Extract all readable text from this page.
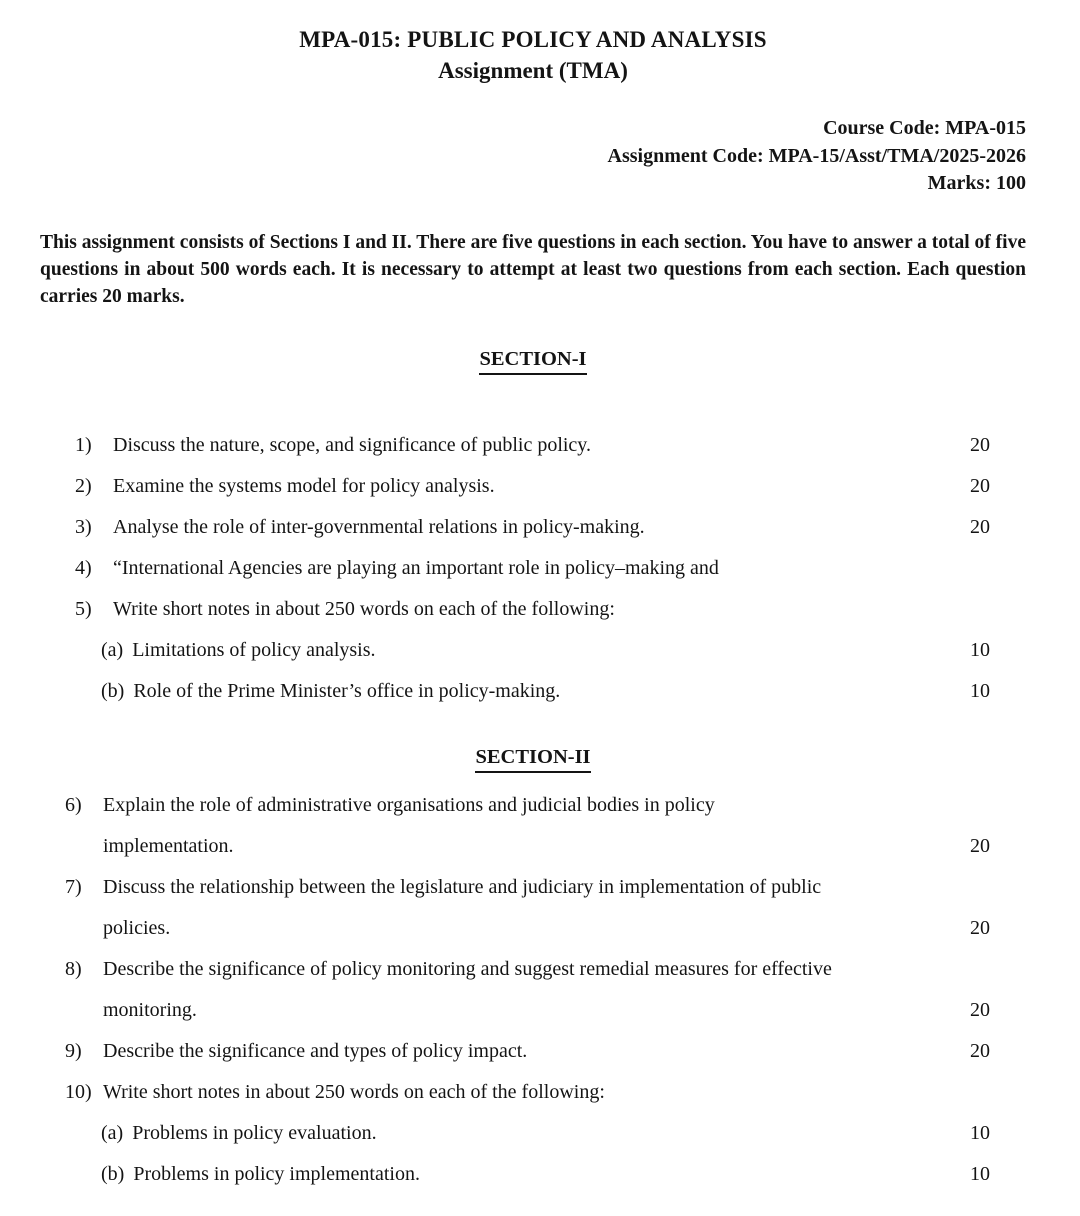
MPA-015: PUBLIC POLICY AND ANALYSIS
Assignment (TMA)
Course Code: MPA-015
Assignment Code: MPA-15/Asst/TMA/2025-2026
Marks: 100

This assignment consists of Sections I and II. There are five questions in each section. You have to answer a total of five questions in about 500 words each. It is necessary to attempt at least two questions from each section. Each question carries 20 marks.

SECTION-I
1)	Discuss the nature, scope, and significance of public policy.	20
2)	Examine the systems model for policy analysis.	20
3)	Analyse the role of inter-governmental relations in policy-making.	20
4)	“International Agencies are playing an important role in policy–making and
5)	Write short notes in about 250 words on each of the following:
(a) Limitations of policy analysis.	10
(b) Role of the Prime Minister’s office in policy-making.	10
SECTION-II
6)	Explain the role of administrative organisations and judicial bodies in policy
implementation.	20
7)	Discuss the relationship between the legislature and judiciary in implementation of public
policies.	20
8)	Describe the significance of policy monitoring and suggest remedial measures for effective
monitoring.	20
9)	Describe the significance and types of policy impact.	20
10) Write short notes in about 250 words on each of the following:
(a) Problems in policy evaluation.	10
(b) Problems in policy implementation.	10
